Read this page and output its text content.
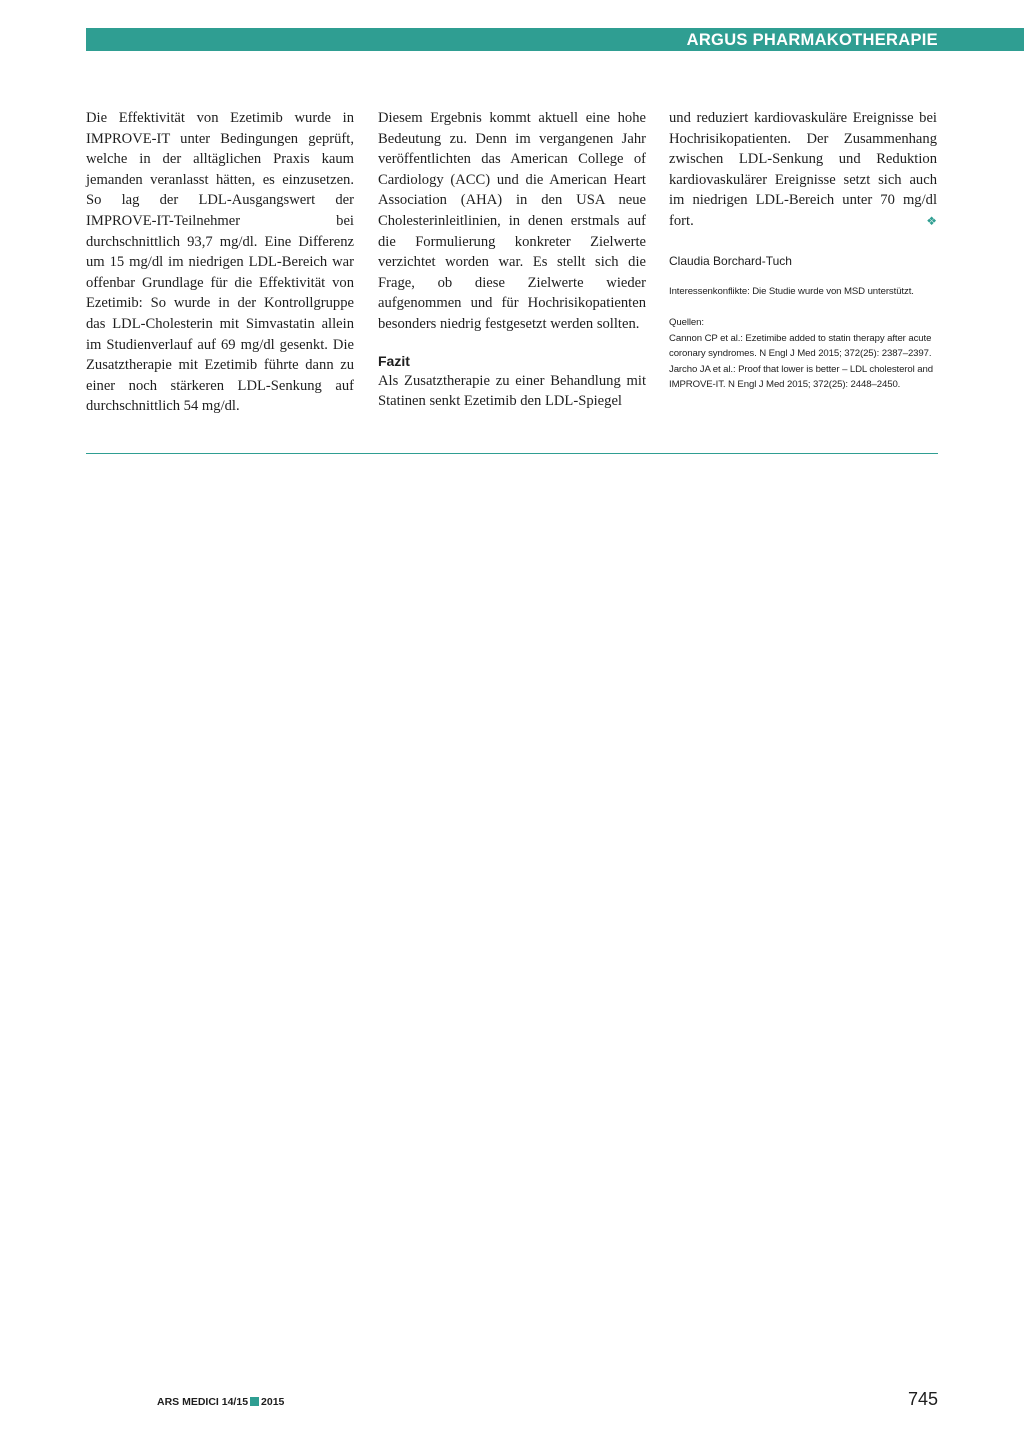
ARGUS PHARMAKOTHERAPIE

Die Effektivität von Ezetimib wurde in IMPROVE-IT unter Bedingungen geprüft, welche in der alltäglichen Praxis kaum jemanden veranlasst hätten, es einzusetzen. So lag der LDL-Ausgangswert der IMPROVE-IT-Teilnehmer bei durchschnittlich 93,7 mg/dl. Eine Differenz um 15 mg/dl im niedrigen LDL-Bereich war offenbar Grundlage für die Effektivität von Ezetimib: So wurde in der Kontrollgruppe das LDL-Cholesterin mit Simvastatin allein im Studienverlauf auf 69 mg/dl gesenkt. Die Zusatztherapie mit Ezetimib führte dann zu einer noch stärkeren LDL-Senkung auf durchschnittlich 54 mg/dl.

Diesem Ergebnis kommt aktuell eine hohe Bedeutung zu. Denn im vergangenen Jahr veröffentlichten das American College of Cardiology (ACC) und die American Heart Association (AHA) in den USA neue Cholesterinleitlinien, in denen erstmals auf die Formulierung konkreter Zielwerte verzichtet worden war. Es stellt sich die Frage, ob diese Zielwerte wieder aufgenommen und für Hochrisikopatienten besonders niedrig festgesetzt werden sollten.

Fazit

Als Zusatztherapie zu einer Behandlung mit Statinen senkt Ezetimib den LDL-Spiegel

und reduziert kardiovaskuläre Ereignisse bei Hochrisikopatienten. Der Zusammenhang zwischen LDL-Senkung und Reduktion kardiovaskulärer Ereignisse setzt sich auch im niedrigen LDL-Bereich unter 70 mg/dl fort.	❖

Claudia Borchard-Tuch

Interessenkonflikte: Die Studie wurde von MSD unterstützt.

Quellen:

Cannon CP et al.: Ezetimibe added to statin therapy after acute coronary syndromes. N Engl J Med 2015; 372(25): 2387–2397.

Jarcho JA et al.: Proof that lower is better – LDL cholesterol and IMPROVE-IT. N Engl J Med 2015; 372(25): 2448–2450.

ARS MEDICI 14/15 2015	745
